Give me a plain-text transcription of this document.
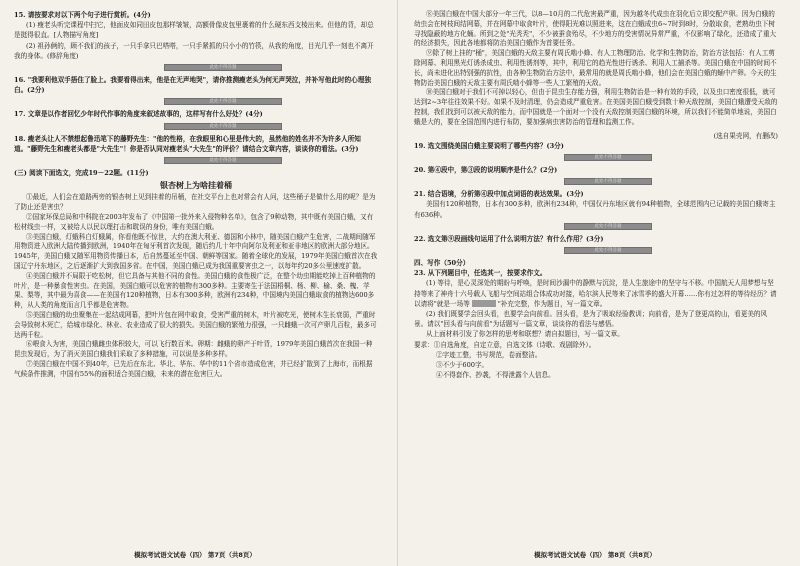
15. 请按要求对以下两个句子进行赏析。(4分)

(1) 瘦老头听完课程中扫它，他面皮如同田皮包那样皱皱，高额骨像皮包里裹着的什么硬东西支棱出来。但他的背，却总是挺得很直。[人物描写角度]

(2) 祖孙俩的，顾不我们的孩子，一只手拿只巴嗒嗒，一只手紧抓的只小小的竹筷，从我的角度，目光几乎一刻也不离开我的身体。(修辞角度)

此处不得答题

16. "我要利他双手捂住了脸上。我要看得出来，他是在无声地哭"，请你推测瘦老头为何无声哭泣，并补写他此时的心理独白。(2分)

此处不得答题

17. 文章是以作者回忆少年时代作事的角度来叙述故事的，这样写有什么好处？(4分)

此处不得答题

18. 瘦老头让人不禁想起鲁迅笔下的藤野先生："他的性格，在我眼里和心里是伟大的，虽然他的姓名并不为许多人所知道。"藤野先生和瘦老头都是"大先生"！你是否认同对瘦老头"大先生"的评价？请结合文章内容，谈谈你的看法。(3分)

此处不得答题

(三) 阅读下面选文，完成19－22题。(11分)

银杏树上为啥挂着桶

①最近，人们会在道路两旁的银杏树上见到挂着的吊桶，在社交平台上也对常会有人问，这些桶子是做什么用的呢？是为了防止还是害虫？

②国家环保总局和中科院在2003年发布了《中国第一批外来入侵物种名单》，包含了9种动物，其中既有美国白蛾，又有松材线虫一样，又被给人以民以理打击和耽误的身份，唯有美国白蛾。

③美国白蛾，灯蛾科白灯蛾属，你看他既不惊世，大约在澳大利亚、德国和小林中，随美国白蛾产生危害，二战期间随军用物资进入欧洲大陆传播到欧洲，1940年在匈牙利首次发现，随后约几十年中向阿尔及利亚和亚非地区的欧洲大部分地区。1945年，美国白蛾又随军用物资传播日本，后自然蔓延至中国、朝鲜等国家。随着全球化的发展，1979年美国白蛾首次在我国辽宁丹东地区，之后逐渐扩大到我国多省。在中国，美国白蛾已成为我国重要害虫之一，以每年约20多公里速度扩散。

④美国白蛾并不局限于吃松树，但它具备与其他不同的食性。美国白蛾的食性极广泛，在整个幼虫期能吃掉上百种植物的叶片，是一种暴食性害虫。在美国，美国白蛾可以危害的植物有300多种。主要寄生于法国梧桐、杨、柳、榆、桑、槐、苹果、梨等，其中最为喜食——在美国有120种植物，日本有300多种，欧洲有234种，中国境内美国白蛾取食的植物达600多种，从人类的角度而言几乎都是危害物。

⑤美国白蛾的幼虫聚集在一起结成网幕，把叶片包在网中取食，受害严重的树木，叶片被吃光，使树木生长衰弱，严重时会导致树木死亡，给城市绿化、林业、农业造成了很大的损失。美国白蛾的繁殖力很强，一只雌蛾一次可产卵几百粒，最多可达两千粒。

⑥喂食入为害，美国白蛾雌虫体积较大，可以飞行数百米。卵期：雌蛾的卵产于叶背，1979年美国白蛾首次在我国一种昆虫发现后，为了消灭美国白蛾我们采取了多种措施，可以说是多种多样。

⑦美国白蛾在中国不到40年，已先后在东北、华北、华东、华中的11个省市造成危害，并已经扩散到了上海市，而根据气候条件推测，中国有55%的面积适合美国白蛾，未来的潜在危害巨大。

模拟考试语文试卷（四） 第7页（共8页）

⑧美国白蛾在中国大部分一年三代，以8—10月的二代危害最严重，因为越冬代成虫在羽化后立即交配产卵。因为白蛾的幼虫会在树枝间结网幕，并在网幕中取食叶片，使得阳光难以照进来，这在白蛾成虫6~7时到8时，分散取食，老熟幼虫下树寻找隐蔽的地方化蛹。所到之处"光秃秃"，不少被蚕食殆尽，不少地方的受害情况异常严重，不仅影响了绿化，还造成了重大的经济损失，因此各地都将防治美国白蛾作为首要任务。

⑨除了树上挂的"桶"，美国白蛾的天敌主要有周氏啮小蜂、有人工物理防治、化学和生物防治，防治方法包括：有人工剪除网幕、利用黑光灯诱杀成虫、利用性诱剂等，其中，利用它的趋光性进行诱杀、利用人工捕杀等。美国白蛾在中国的时间不长，尚未进化出特别强的抗性，由各种生物防治方法中，最常用的就是周氏啮小蜂，他们会在美国白蛾的蛹中产卵。今天的生物防治美国白蛾的天敌主要有周氏啮小蜂等一些人工繁殖的天敌。

⑩美国白蛾对于我们不可掉以轻心，但由于昆虫生存能力强，利用生物防治是一种有效的手段，以及虫口密度很低，就可达到2~3年往往效果不好。如果不及时清理，仍会造成严重危害。在美国美国白蛾受到数十种天敌控制，美国白蛾遭受天敌的控制，我们找到可以被天敌的能力，而中国就是一个面对一个没有天敌控制美国白蛾的环境，所以我们不能简单地说，美国白蛾是大的，要在全国范围内进行布防，要加强病虫害防治的管理和监测工作。

(选自果壳网，有删改)

19. 选文围绕美国白蛾主要说明了哪些内容？(3分)

此处不得答题

20. 第④段中，第③段的说明顺序是什么？(2分)

此处不得答题

21. 结合语境，分析第④段中加点词语的表达效果。(3分)

美国有120种植物，日本有300多种，欧洲有234种，中国仅丹东地区就有94种植物，全球范围内已记载的美国白蛾寄主有636种。

此处不得答题

22. 选文第⑨段画线句运用了什么说明方法？有什么作用？(3分)

此处不得答题

四、写作（50分）

23. 从下列题目中，任选其一，按要求作文。

(1) 等待，是心灵深处的期盼与呼唤，是时间沙漏中的静默与沉淀，是人生旅途中的坚守与不移。中国航天人用梦想与坚持等来了神舟十六号载人飞船与空间站组合体成功对接，哈尔滨人民等来了冰雪季的盛大开幕……你有过怎样的等待经历？请以请将"就是一场等	"补充完整，作为题目，写一篇文章。

(2) 我们既要学会回头看，也要学会向前看。回头看，是为了吸取经验教训；向前看，是为了登更高的山，看更美的风景。请以"回头看与向前看"为话题写一篇文章，谈谈你的看法与感悟。

从上面材料引发了你怎样的思考和联想？请自拟题目，写一篇文章。

要求：①自选角度，自定立意，自选文体（诗歌、戏剧除外）。

②字迹工整，书写规范，卷面整洁。

③不少于600字。

④不得套作、抄袭，不得泄露个人信息。

模拟考试语文试卷（四） 第8页（共8页）
